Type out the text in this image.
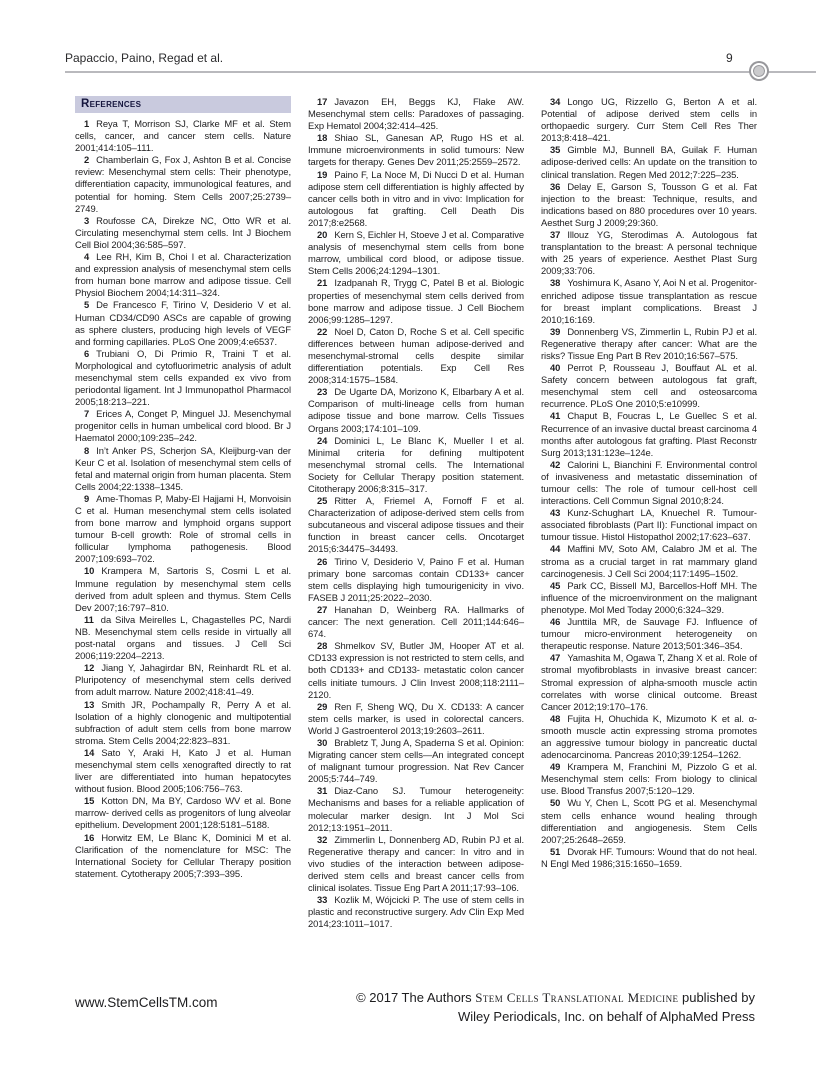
Papaccio, Paino, Regad et al.	9
References

1 Reya T, Morrison SJ, Clarke MF et al. Stem cells, cancer, and cancer stem cells. Nature 2001;414:105–111.

2 Chamberlain G, Fox J, Ashton B et al. Concise review: Mesenchymal stem cells: Their phenotype, differentiation capacity, immunological features, and potential for homing. Stem Cells 2007;25:2739–2749.

3 Roufosse CA, Direkze NC, Otto WR et al. Circulating mesenchymal stem cells. Int J Biochem Cell Biol 2004;36:585–597.

4 Lee RH, Kim B, Choi I et al. Characterization and expression analysis of mesenchymal stem cells from human bone marrow and adipose tissue. Cell Physiol Biochem 2004;14:311–324.

5 De Francesco F, Tirino V, Desiderio V et al. Human CD34/CD90 ASCs are capable of growing as sphere clusters, producing high levels of VEGF and forming capillaries. PLoS One 2009;4:e6537.

6 Trubiani O, Di Primio R, Traini T et al. Morphological and cytofluorimetric analysis of adult mesenchymal stem cells expanded ex vivo from periodontal ligament. Int J Immunopathol Pharmacol 2005;18:213–221.

7 Erices A, Conget P, Minguel JJ. Mesenchymal progenitor cells in human umbelical cord blood. Br J Haematol 2000;109:235–242.

8 In’t Anker PS, Scherjon SA, Kleijburg-van der Keur C et al. Isolation of mesenchymal stem cells of fetal and maternal origin from human placenta. Stem Cells 2004;22:1338–1345.

9 Ame-Thomas P, Maby-El Hajjami H, Monvoisin C et al. Human mesenchymal stem cells isolated from bone marrow and lymphoid organs support tumour B-cell growth: Role of stromal cells in follicular lymphoma pathogenesis. Blood 2007;109:693–702.

10 Krampera M, Sartoris S, Cosmi L et al. Immune regulation by mesenchymal stem cells derived from adult spleen and thymus. Stem Cells Dev 2007;16:797–810.

11 da Silva Meirelles L, Chagastelles PC, Nardi NB. Mesenchymal stem cells reside in virtually all post-natal organs and tissues. J Cell Sci 2006;119:2204–2213.

12 Jiang Y, Jahagirdar BN, Reinhardt RL et al. Pluripotency of mesenchymal stem cells derived from adult marrow. Nature 2002;418:41–49.

13 Smith JR, Pochampally R, Perry A et al. Isolation of a highly clonogenic and multipotential subfraction of adult stem cells from bone marrow stroma. Stem Cells 2004;22:823–831.

14 Sato Y, Araki H, Kato J et al. Human mesenchymal stem cells xenografted directly to rat liver are differentiated into human hepatocytes without fusion. Blood 2005;106:756–763.

15 Kotton DN, Ma BY, Cardoso WV et al. Bone marrow- derived cells as progenitors of lung alveolar epithelium. Development 2001;128:5181–5188.

16 Horwitz EM, Le Blanc K, Dominici M et al. Clarification of the nomenclature for MSC: The International Society for Cellular Therapy position statement. Cytotherapy 2005;7:393–395.

17 Javazon EH, Beggs KJ, Flake AW. Mesenchymal stem cells: Paradoxes of passaging. Exp Hematol 2004;32:414–425.

18 Shiao SL, Ganesan AP, Rugo HS et al. Immune microenvironments in solid tumours: New targets for therapy. Genes Dev 2011;25:2559–2572.

19 Paino F, La Noce M, Di Nucci D et al. Human adipose stem cell differentiation is highly affected by cancer cells both in vitro and in vivo: Implication for autologous fat grafting. Cell Death Dis 2017;8:e2568.

20 Kern S, Eichler H, Stoeve J et al. Comparative analysis of mesenchymal stem cells from bone marrow, umbilical cord blood, or adipose tissue. Stem Cells 2006;24:1294–1301.

21 Izadpanah R, Trygg C, Patel B et al. Biologic properties of mesenchymal stem cells derived from bone marrow and adipose tissue. J Cell Biochem 2006;99:1285–1297.

22 Noel D, Caton D, Roche S et al. Cell specific differences between human adipose-derived and mesenchymal-stromal cells despite similar differentiation potentials. Exp Cell Res 2008;314:1575–1584.

23 De Ugarte DA, Morizono K, Elbarbary A et al. Comparison of multi-lineage cells from human adipose tissue and bone marrow. Cells Tissues Organs 2003;174:101–109.

24 Dominici L, Le Blanc K, Mueller I et al. Minimal criteria for defining multipotent mesenchymal stromal cells. The International Society for Cellular Therapy position statement. Citotherapy 2006;8:315–317.

25 Ritter A, Friemel A, Fornoff F et al. Characterization of adipose-derived stem cells from subcutaneous and visceral adipose tissues and their function in breast cancer cells. Oncotarget 2015;6:34475–34493.

26 Tirino V, Desiderio V, Paino F et al. Human primary bone sarcomas contain CD133+ cancer stem cells displaying high tumourigenicity in vivo. FASEB J 2011;25:2022–2030.

27 Hanahan D, Weinberg RA. Hallmarks of cancer: The next generation. Cell 2011;144:646–674.

28 Shmelkov SV, Butler JM, Hooper AT et al. CD133 expression is not restricted to stem cells, and both CD133+ and CD133- metastatic colon cancer cells initiate tumours. J Clin Invest 2008;118:2111–2120.

29 Ren F, Sheng WQ, Du X. CD133: A cancer stem cells marker, is used in colorectal cancers. World J Gastroenterol 2013;19:2603–2611.

30 Brabletz T, Jung A, Spaderna S et al. Opinion: Migrating cancer stem cells—An integrated concept of malignant tumour progression. Nat Rev Cancer 2005;5:744–749.

31 Diaz-Cano SJ. Tumour heterogeneity: Mechanisms and bases for a reliable application of molecular marker design. Int J Mol Sci 2012;13:1951–2011.

32 Zimmerlin L, Donnenberg AD, Rubin PJ et al. Regenerative therapy and cancer: In vitro and in vivo studies of the interaction between adipose-derived stem cells and breast cancer cells from clinical isolates. Tissue Eng Part A 2011;17:93–106.

33 Kozlik M, Wójcicki P. The use of stem cells in plastic and reconstructive surgery. Adv Clin Exp Med 2014;23:1011–1017.

34 Longo UG, Rizzello G, Berton A et al. Potential of adipose derived stem cells in orthopaedic surgery. Curr Stem Cell Res Ther 2013;8:418–421.

35 Gimble MJ, Bunnell BA, Guilak F. Human adipose-derived cells: An update on the transition to clinical translation. Regen Med 2012;7:225–235.

36 Delay E, Garson S, Tousson G et al. Fat injection to the breast: Technique, results, and indications based on 880 procedures over 10 years. Aesthet Surg J 2009;29:360.

37 Illouz YG, Sterodimas A. Autologous fat transplantation to the breast: A personal technique with 25 years of experience. Aesthet Plast Surg 2009;33:706.

38 Yoshimura K, Asano Y, Aoi N et al. Progenitor-enriched adipose tissue transplantation as rescue for breast implant complications. Breast J 2010;16:169.

39 Donnenberg VS, Zimmerlin L, Rubin PJ et al. Regenerative therapy after cancer: What are the risks? Tissue Eng Part B Rev 2010;16:567–575.

40 Perrot P, Rousseau J, Bouffaut AL et al. Safety concern between autologous fat graft, mesenchymal stem cell and osteosarcoma recurrence. PLoS One 2010;5:e10999.

41 Chaput B, Foucras L, Le Guellec S et al. Recurrence of an invasive ductal breast carcinoma 4 months after autologous fat grafting. Plast Reconstr Surg 2013;131:123e–124e.

42 Calorini L, Bianchini F. Environmental control of invasiveness and metastatic dissemination of tumour cells: The role of tumour cell-host cell interactions. Cell Commun Signal 2010;8:24.

43 Kunz-Schughart LA, Knuechel R. Tumour-associated fibroblasts (Part II): Functional impact on tumour tissue. Histol Histopathol 2002;17:623–637.

44 Maffini MV, Soto AM, Calabro JM et al. The stroma as a crucial target in rat mammary gland carcinogenesis. J Cell Sci 2004;117:1495–1502.

45 Park CC, Bissell MJ, Barcellos-Hoff MH. The influence of the microenvironment on the malignant phenotype. Mol Med Today 2000;6:324–329.

46 Junttila MR, de Sauvage FJ. Influence of tumour micro-environment heterogeneity on therapeutic response. Nature 2013;501:346–354.

47 Yamashita M, Ogawa T, Zhang X et al. Role of stromal myofibroblasts in invasive breast cancer: Stromal expression of alpha-smooth muscle actin correlates with worse clinical outcome. Breast Cancer 2012;19:170–176.

48 Fujita H, Ohuchida K, Mizumoto K et al. α-smooth muscle actin expressing stroma promotes an aggressive tumour biology in pancreatic ductal adenocarcinoma. Pancreas 2010;39:1254–1262.

49 Krampera M, Franchini M, Pizzolo G et al. Mesenchymal stem cells: From biology to clinical use. Blood Transfus 2007;5:120–129.

50 Wu Y, Chen L, Scott PG et al. Mesenchymal stem cells enhance wound healing through differentiation and angiogenesis. Stem Cells 2007;25:2648–2659.

51 Dvorak HF. Tumours: Wound that do not heal. N Engl Med 1986;315:1650–1659.

www.StemCellsTM.com	© 2017 The Authors Stem Cells Translational Medicine published by
Wiley Periodicals, Inc. on behalf of AlphaMed Press
